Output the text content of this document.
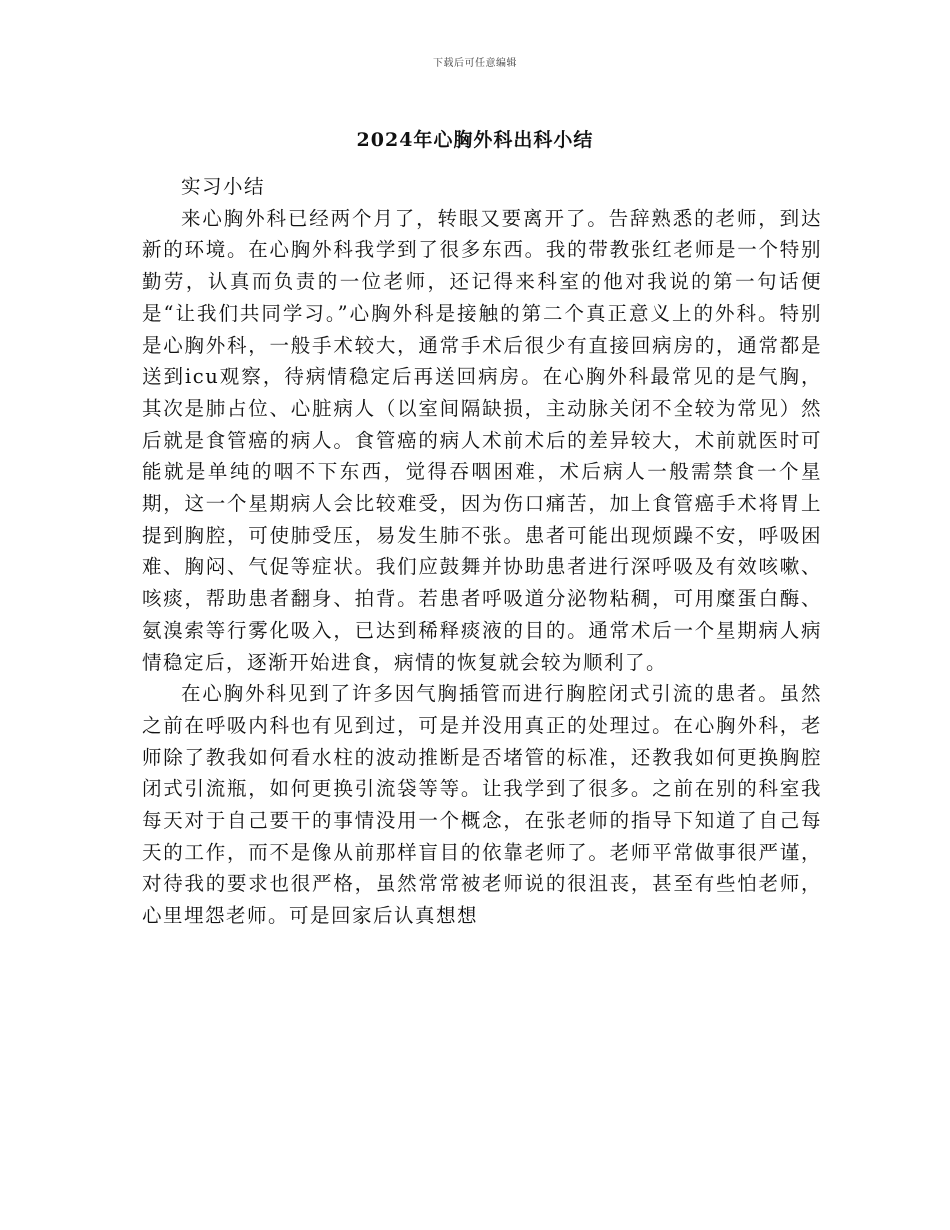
下载后可任意编辑
2024年心胸外科出科小结

实习小结

来心胸外科已经两个月了，转眼又要离开了。告辞熟悉的老师，到达新的环境。在心胸外科我学到了很多东西。我的带教张红老师是一个特别勤劳，认真而负责的一位老师，还记得来科室的他对我说的第一句话便是“让我们共同学习。”心胸外科是接触的第二个真正意义上的外科。特别是心胸外科，一般手术较大，通常手术后很少有直接回病房的，通常都是送到icu观察，待病情稳定后再送回病房。在心胸外科最常见的是气胸，其次是肺占位、心脏病人（以室间隔缺损，主动脉关闭不全较为常见）然后就是食管癌的病人。食管癌的病人术前术后的差异较大，术前就医时可能就是单纯的咽不下东西，觉得吞咽困难，术后病人一般需禁食一个星期，这一个星期病人会比较难受，因为伤口痛苦，加上食管癌手术将胃上提到胸腔，可使肺受压，易发生肺不张。患者可能出现烦躁不安，呼吸困难、胸闷、气促等症状。我们应鼓舞并协助患者进行深呼吸及有效咳嗽、咳痰，帮助患者翻身、拍背。若患者呼吸道分泌物粘稠，可用糜蛋白酶、氨溴索等行雾化吸入，已达到稀释痰液的目的。通常术后一个星期病人病情稳定后，逐渐开始进食，病情的恢复就会较为顺利了。

在心胸外科见到了许多因气胸插管而进行胸腔闭式引流的患者。虽然之前在呼吸内科也有见到过，可是并没用真正的处理过。在心胸外科，老师除了教我如何看水柱的波动推断是否堵管的标准，还教我如何更换胸腔闭式引流瓶，如何更换引流袋等等。让我学到了很多。之前在别的科室我每天对于自己要干的事情没用一个概念，在张老师的指导下知道了自己每天的工作，而不是像从前那样盲目的依靠老师了。老师平常做事很严谨，对待我的要求也很严格，虽然常常被老师说的很沮丧，甚至有些怕老师，心里埋怨老师。可是回家后认真想想
